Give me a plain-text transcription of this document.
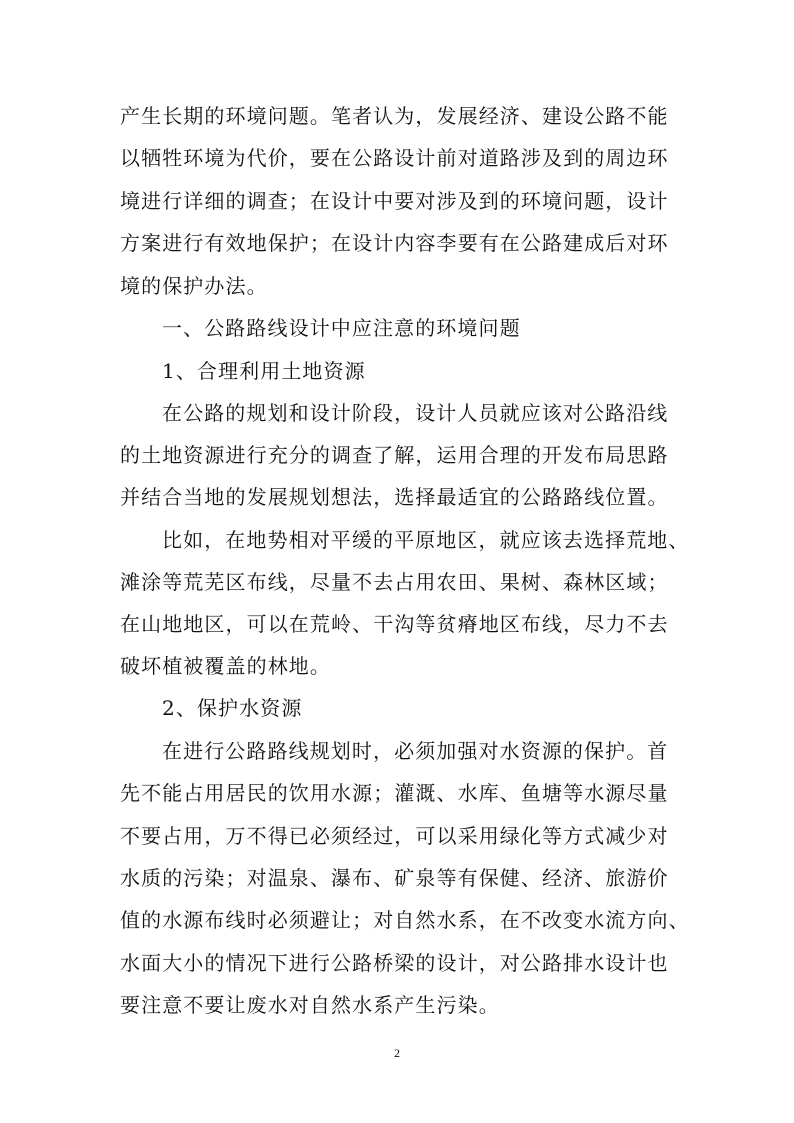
产生长期的环境问题。笔者认为，发展经济、建设公路不能
以牺牲环境为代价，要在公路设计前对道路涉及到的周边环
境进行详细的调查；在设计中要对涉及到的环境问题，设计
方案进行有效地保护；在设计内容李要有在公路建成后对环
境的保护办法。
一、公路路线设计中应注意的环境问题
1、合理利用土地资源
在公路的规划和设计阶段，设计人员就应该对公路沿线
的土地资源进行充分的调查了解，运用合理的开发布局思路
并结合当地的发展规划想法，选择最适宜的公路路线位置。
比如，在地势相对平缓的平原地区，就应该去选择荒地、
滩涂等荒芜区布线，尽量不去占用农田、果树、森林区域；
在山地地区，可以在荒岭、干沟等贫瘠地区布线，尽力不去
破坏植被覆盖的林地。
2、保护水资源
在进行公路路线规划时，必须加强对水资源的保护。首
先不能占用居民的饮用水源；灌溉、水库、鱼塘等水源尽量
不要占用，万不得已必须经过，可以采用绿化等方式减少对
水质的污染；对温泉、瀑布、矿泉等有保健、经济、旅游价
值的水源布线时必须避让；对自然水系，在不改变水流方向、
水面大小的情况下进行公路桥梁的设计，对公路排水设计也
要注意不要让废水对自然水系产生污染。
2
